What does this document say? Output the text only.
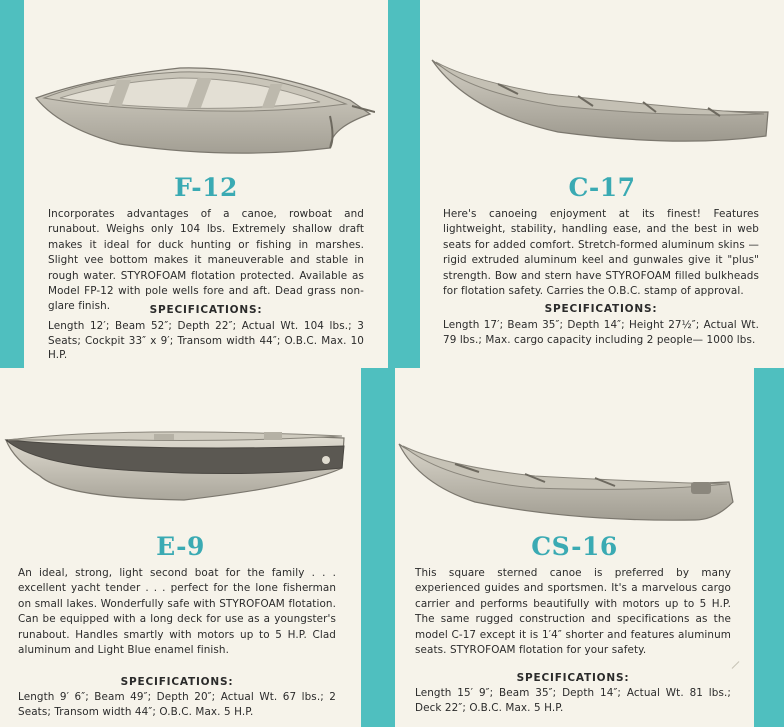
F-12
Incorporates advantages of a canoe, rowboat and runabout. Weighs only 104 lbs. Extremely shallow draft makes it ideal for duck hunting or fishing in marshes. Slight vee bottom makes it maneuverable and stable in rough water. STYROFOAM flotation protected. Available as Model FP-12 with pole wells fore and aft. Dead grass non-glare finish.	SPECIFICATIONS:
Length 12′; Beam 52″; Depth 22″; Actual Wt. 104 lbs.; 3 Seats; Cockpit 33″ x 9′; Transom width 44″; O.B.C. Max. 10 H.P.
C-17
Here's canoeing enjoyment at its finest! Features lightweight, stability, handling ease, and the best in web seats for added comfort. Stretch-formed aluminum skins —rigid extruded aluminum keel and gunwales give it "plus" strength. Bow and stern have STYROFOAM filled bulkheads for flotation safety. Carries the O.B.C. stamp of approval.
SPECIFICATIONS:
Length 17′; Beam 35″; Depth 14″; Height 27½″; Actual Wt. 79 lbs.; Max. cargo capacity including 2 people— 1000 lbs.
E-9
An ideal, strong, light second boat for the family . . . excellent yacht tender . . . perfect for the lone fisherman on small lakes. Wonderfully safe with STYROFOAM flotation. Can be equipped with a long deck for use as a youngster's runabout. Handles smartly with motors up to 5 H.P. Clad aluminum and Light Blue enamel finish.
SPECIFICATIONS:
Length 9′ 6″; Beam 49″; Depth 20″; Actual Wt. 67 lbs.; 2 Seats; Transom width 44″; O.B.C. Max. 5 H.P.
CS-16
This square sterned canoe is preferred by many experienced guides and sportsmen. It's a marvelous cargo carrier and performs beautifully with motors up to 5 H.P. The same rugged construction and specifications as the model C-17 except it is 1′4″ shorter and features aluminum seats. STYROFOAM flotation for your safety.
SPECIFICATIONS:
Length 15′ 9″; Beam 35″; Depth 14″; Actual Wt. 81 lbs.; Deck 22″; O.B.C. Max. 5 H.P.
